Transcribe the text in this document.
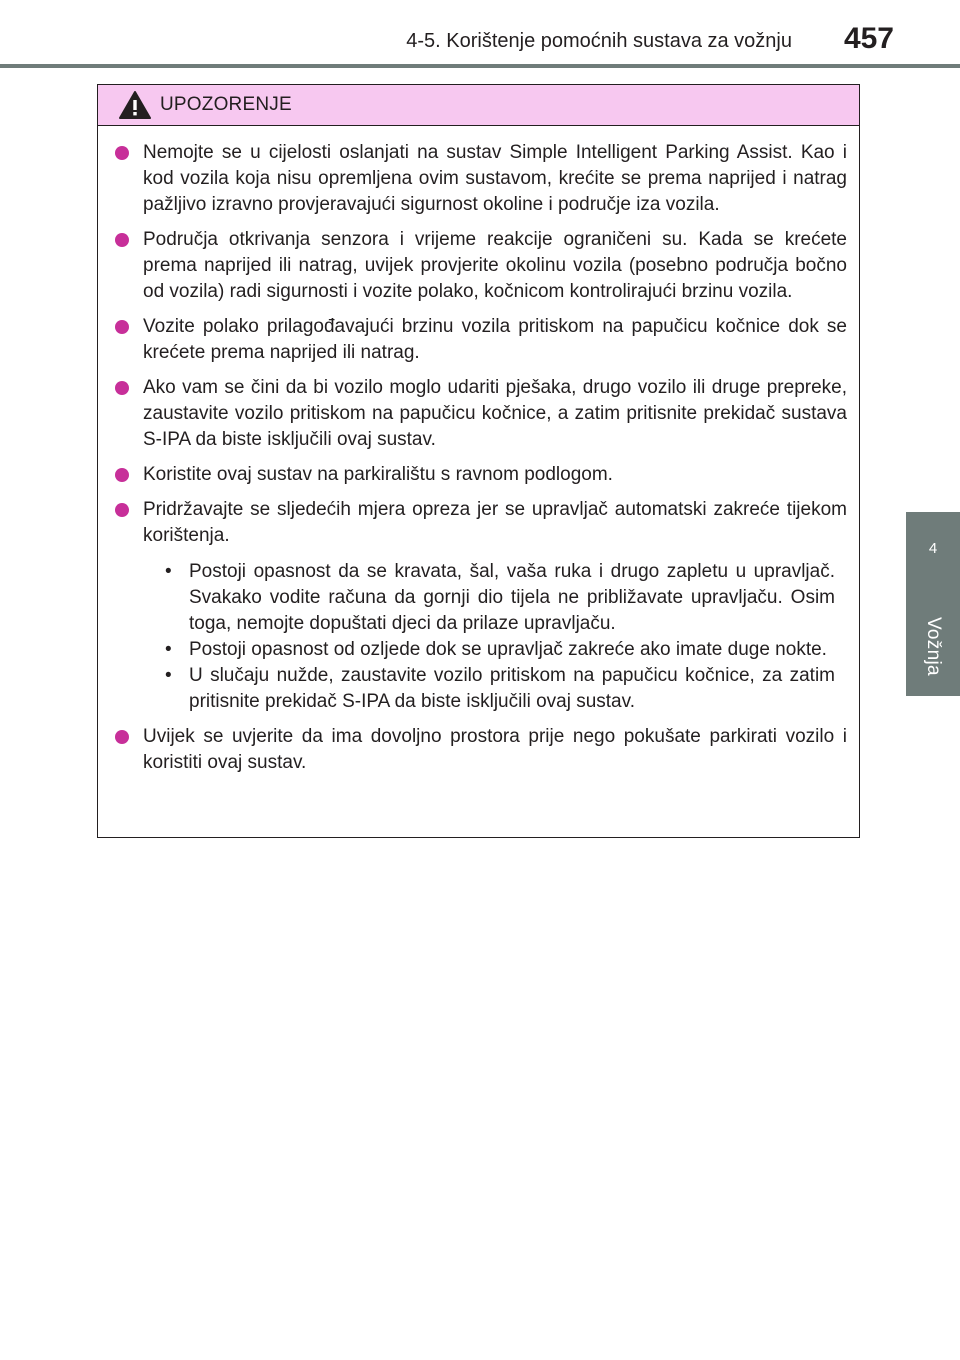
4-5. Korištenje pomoćnih sustava za vožnju 457
4
Vožnja
UPOZORENJE
Nemojte se u cijelosti oslanjati na sustav Simple Intelligent Parking Assist. Kao i kod vozila koja nisu opremljena ovim sustavom, krećite se prema naprijed i natrag pažljivo izravno provjeravajući sigurnost okoline i područje iza vozila.
Područja otkrivanja senzora i vrijeme reakcije ograničeni su. Kada se krećete prema naprijed ili natrag, uvijek provjerite okolinu vozila (posebno područja bočno od vozila) radi sigurnosti i vozite polako, kočnicom kontrolirajući brzinu vozila.
Vozite polako prilagođavajući brzinu vozila pritiskom na papučicu kočnice dok se krećete prema naprijed ili natrag.
Ako vam se čini da bi vozilo moglo udariti pješaka, drugo vozilo ili druge prepreke, zaustavite vozilo pritiskom na papučicu kočnice, a zatim pritisnite prekidač sustava S-IPA da biste isključili ovaj sustav.
Koristite ovaj sustav na parkiralištu s ravnom podlogom.
Pridržavajte se sljedećih mjera opreza jer se upravljač automatski zakreće tijekom korištenja.
• Postoji opasnost da se kravata, šal, vaša ruka i drugo zapletu u upravljač. Svakako vodite računa da gornji dio tijela ne približavate upravljaču. Osim toga, nemojte dopuštati djeci da prilaze upravljaču.
• Postoji opasnost od ozljede dok se upravljač zakreće ako imate duge nokte.
• U slučaju nužde, zaustavite vozilo pritiskom na papučicu kočnice, za zatim pritisnite prekidač S-IPA da biste isključili ovaj sustav.
Uvijek se uvjerite da ima dovoljno prostora prije nego pokušate parkirati vozilo i koristiti ovaj sustav.
